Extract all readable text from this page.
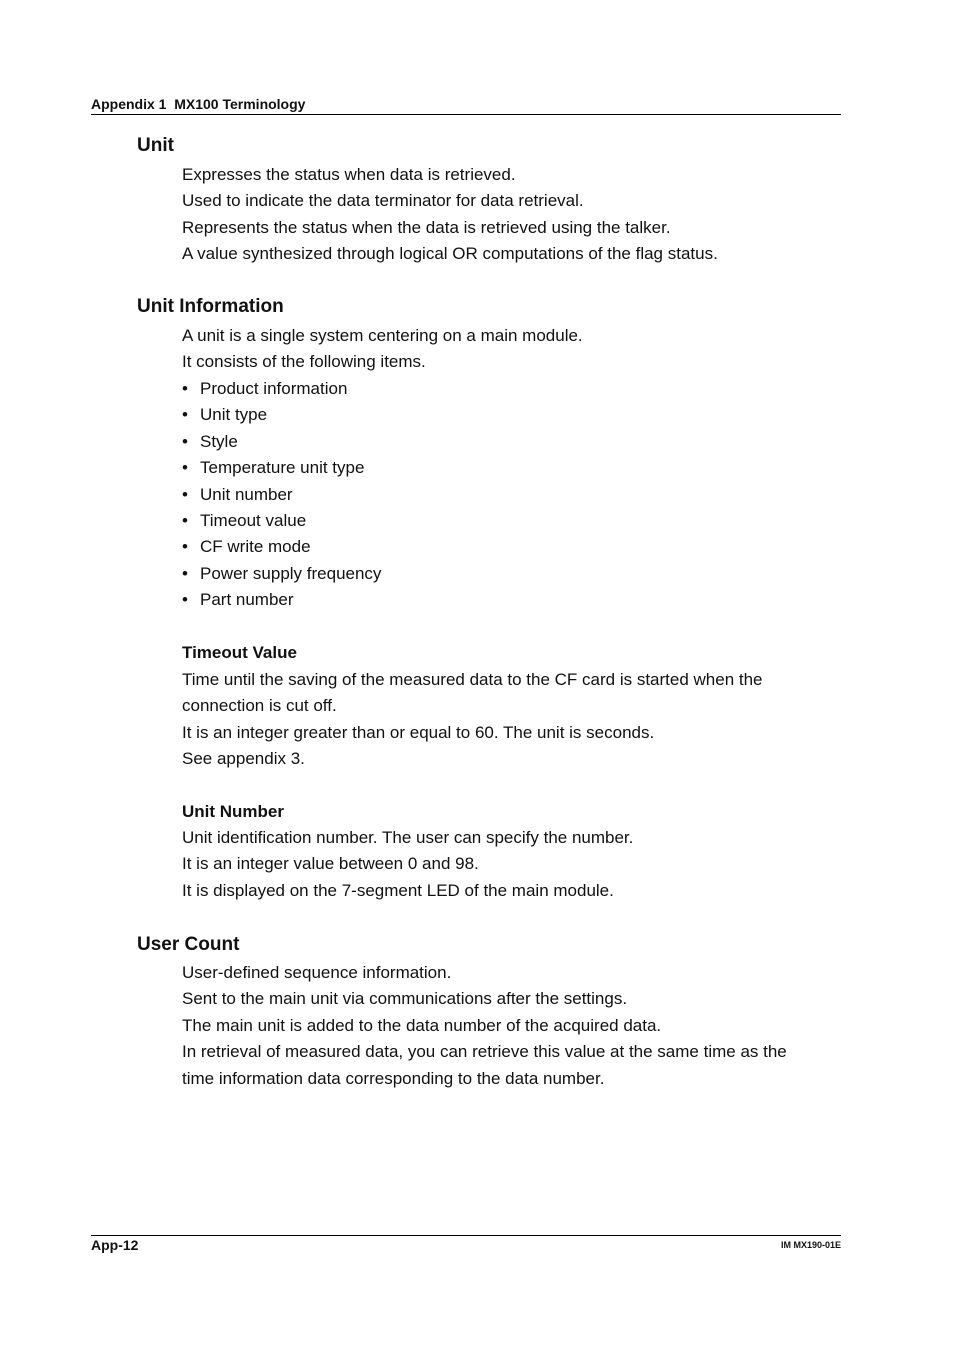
Appendix 1  MX100 Terminology
Unit

Expresses the status when data is retrieved.

Used to indicate the data terminator for data retrieval.

Represents the status when the data is retrieved using the talker.

A value synthesized through logical OR computations of the flag status.

Unit Information

A unit is a single system centering on a main module.

It consists of the following items.

• Product information
• Unit type
• Style
• Temperature unit type
• Unit number
• Timeout value
• CF write mode
• Power supply frequency
• Part number
Timeout Value

Time until the saving of the measured data to the CF card is started when the connection is cut off.

It is an integer greater than or equal to 60. The unit is seconds.

See appendix 3.

Unit Number

Unit identification number. The user can specify the number.

It is an integer value between 0 and 98.

It is displayed on the 7-segment LED of the main module.

User Count

User-defined sequence information.

Sent to the main unit via communications after the settings.

The main unit is added to the data number of the acquired data.

In retrieval of measured data, you can retrieve this value at the same time as the time information data corresponding to the data number.

App-12	IM MX190-01E
